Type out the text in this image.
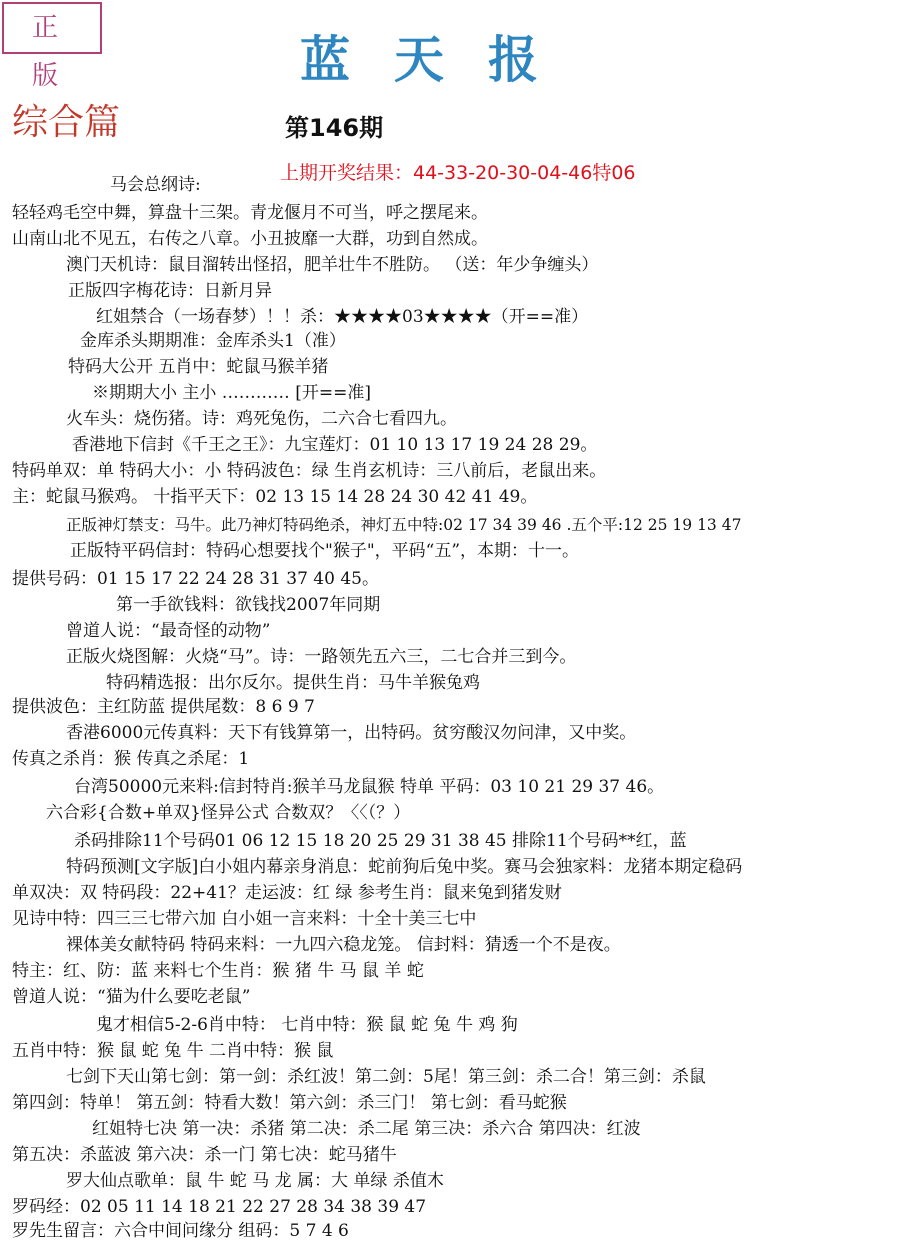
正 版	蓝天报
综合篇	第146期
上期开奖结果：44-33-20-30-04-46特06
马会总纲诗:
轻轻鸡毛空中舞，算盘十三架。青龙偃月不可当，呼之摆尾来。
山南山北不见五，右传之八章。小丑披靡一大群，功到自然成。
澳门天机诗：鼠目溜转出怪招，肥羊壮牛不胜防。 （送：年少争缠头）
正版四字梅花诗：日新月异
红姐禁合（一场春梦）！！杀：★★★★03★★★★（开==准）
金库杀头期期准：金库杀头1（准）
特码大公开 五肖中：蛇鼠马猴羊猪
※期期大小 主小 ………… [开==准]
火车头：烧伤猪。诗：鸡死兔伤，二六合七看四九。
香港地下信封《千王之王》：九宝莲灯：01 10 13 17 19 24 28 29。
特码单双：单 特码大小：小 特码波色：绿 生肖玄机诗：三八前后，老鼠出来。
主：蛇鼠马猴鸡。 十指平天下：02 13 15 14 28 24 30 42 41 49。
正版神灯禁支：马牛。此乃神灯特码绝杀，神灯五中特:02 17 34 39 46 .五个平:12 25 19 13 47
正版特平码信封：特码心想要找个"猴子"，平码“五”，本期：十一。
提供号码：01 15 17 22 24 28 31 37 40 45。
第一手欲钱料：欲钱找2007年同期
曾道人说：“最奇怪的动物”
正版火烧图解：火烧“马”。诗：一路领先五六三，二七合并三到今。
特码精选报：出尔反尔。提供生肖：马牛羊猴兔鸡
提供波色：主红防蓝 提供尾数：8 6 9 7
香港6000元传真料：天下有钱算第一，出特码。贫穷酸汉勿问津，又中奖。
传真之杀肖：猴 传真之杀尾：1
台湾50000元来料:信封特肖:猴羊马龙鼠猴 特单 平码：03 10 21 29 37 46。
六合彩{合数+单双}怪异公式 合数双？〈〈（？）
杀码排除11个号码01 06 12 15 18 20 25 29 31 38 45 排除11个号码**红，蓝
特码预测[文字版]白小姐内幕亲身消息：蛇前狗后兔中奖。赛马会独家料：龙猪本期定稳码
单双决：双 特码段：22+41？走运波：红 绿 参考生肖：鼠来兔到猪发财
见诗中特：四三三七带六加 白小姐一言来料：十全十美三七中
裸体美女献特码 特码来料：一九四六稳龙笼。 信封料：猜透一个不是夜。
特主：红、防：蓝 来料七个生肖：猴 猪 牛 马 鼠 羊 蛇
曾道人说：“猫为什么要吃老鼠”
鬼才相信5-2-6肖中特： 七肖中特：猴 鼠 蛇 兔 牛 鸡 狗
五肖中特：猴 鼠 蛇 兔 牛 二肖中特：猴 鼠
七剑下天山第七剑：第一剑：杀红波！第二剑：5尾！第三剑：杀二合！第三剑：杀鼠
第四剑：特单！ 第五剑：特看大数！第六剑：杀三门！ 第七剑：看马蛇猴
红姐特七决 第一决：杀猪 第二决：杀二尾 第三决：杀六合 第四决：红波
第五决：杀蓝波 第六决：杀一门 第七决：蛇马猪牛
罗大仙点歌单：鼠 牛 蛇 马 龙 属：大 单绿 杀值木
罗码经：02 05 11 14 18 21 22 27 28 34 38 39 47
罗先生留言：六合中间问缘分 组码：5 7 4 6
